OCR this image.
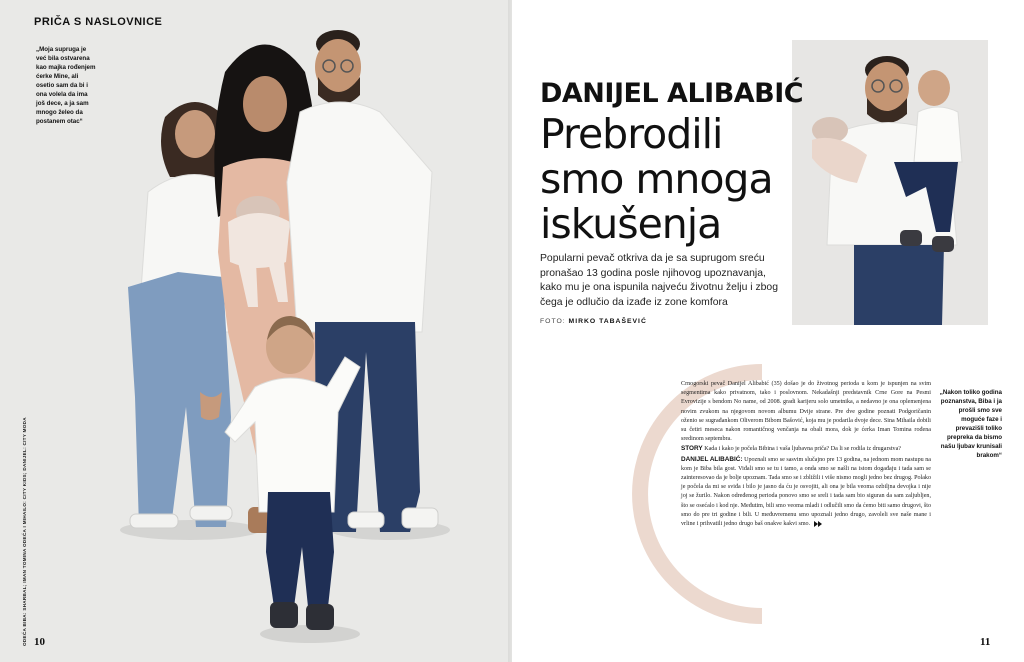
PRIČA S NASLOVNICE
„Moja supruga je već bila ostvarena kao majka rođenjem ćerke Mine, ali osetio sam da bi i ona volela da ima još dece, a ja sam mnogo želeo da postanem otac“
ODEĆA BIBA: SHARBAL; IMAN TOMINA ODEĆA I MIHAILO: CITY KIDS; DANIJEL: CITY MODA 10
DANIJEL ALIBABIĆ
Prebrodili
smo mnoga
iskušenja
Popularni pevač otkriva da je sa suprugom sreću pronašao 13 godina posle njihovog upoznavanja, kako mu je ona ispunila najveću životnu želju i zbog čega je odlučio da izađe iz zone komfora
FOTO: MIRKO TABAŠEVIĆ

Crnogorski pevač Danijel Alibabić (35) došao je do životnog perioda u kom je ispunjen na svim segmentima kako privatnom, tako i poslovnom. Nekadašnji predstavnik Crne Gore na Pesmi Evrovizije s bendom No name, od 2008. gradi karijeru solo umetnika, a nedavno je ona oplemenjena novim zvukom na njegovom novom albumu Dvije strane. Pre dve godine poznati Podgoričanin oženio se sugrađankom Oliverom Bibom Bašović, koja mu je podarila dvoje dece. Sina Mihaila dobili su četiri meseca nakon romantičnog venčanja na obali mora, dok je ćerka Iman Tomina rođena sredinom septembra.

STORY Kada i kako je počela Bibina i vaša ljubavna priča? Da li se rodila iz drugarstva?

DANIJEL ALIBABIĆ: Upoznali smo se sasvim slučajno pre 13 godina, na jednom mom nastupu na kom je Biba bila gost. Viđali smo se tu i tamo, a onda smo se našli na istom događaju i tada sam se zainteresovao da je bolje upoznam. Tada smo se i zbližili i više nismo mogli jedno bez drugog. Polako je počela da mi se sviđa i bilo je jasno da ću je osvojiti, ali ona je bila veoma ozbiljna devojka i nije joj se žurilo. Nakon određenog perioda ponovo smo se sreli i tada sam bio siguran da sam zaljubljen, što se osećalo i kod nje. Međutim, bili smo veoma mladi i odlučili smo da ćemo biti samo drugovi, što smo do pre tri godine i bili. U međuvremenu smo upoznali jedno drugo, zavoleli sve naše mane i vrline i prihvatili jedno drugo baš onakve kakvi smo.

„Nakon toliko godina poznanstva, Biba i ja prošli smo sve moguće faze i prevazišli toliko prepreka da bismo našu ljubav krunisali brakom“
11
